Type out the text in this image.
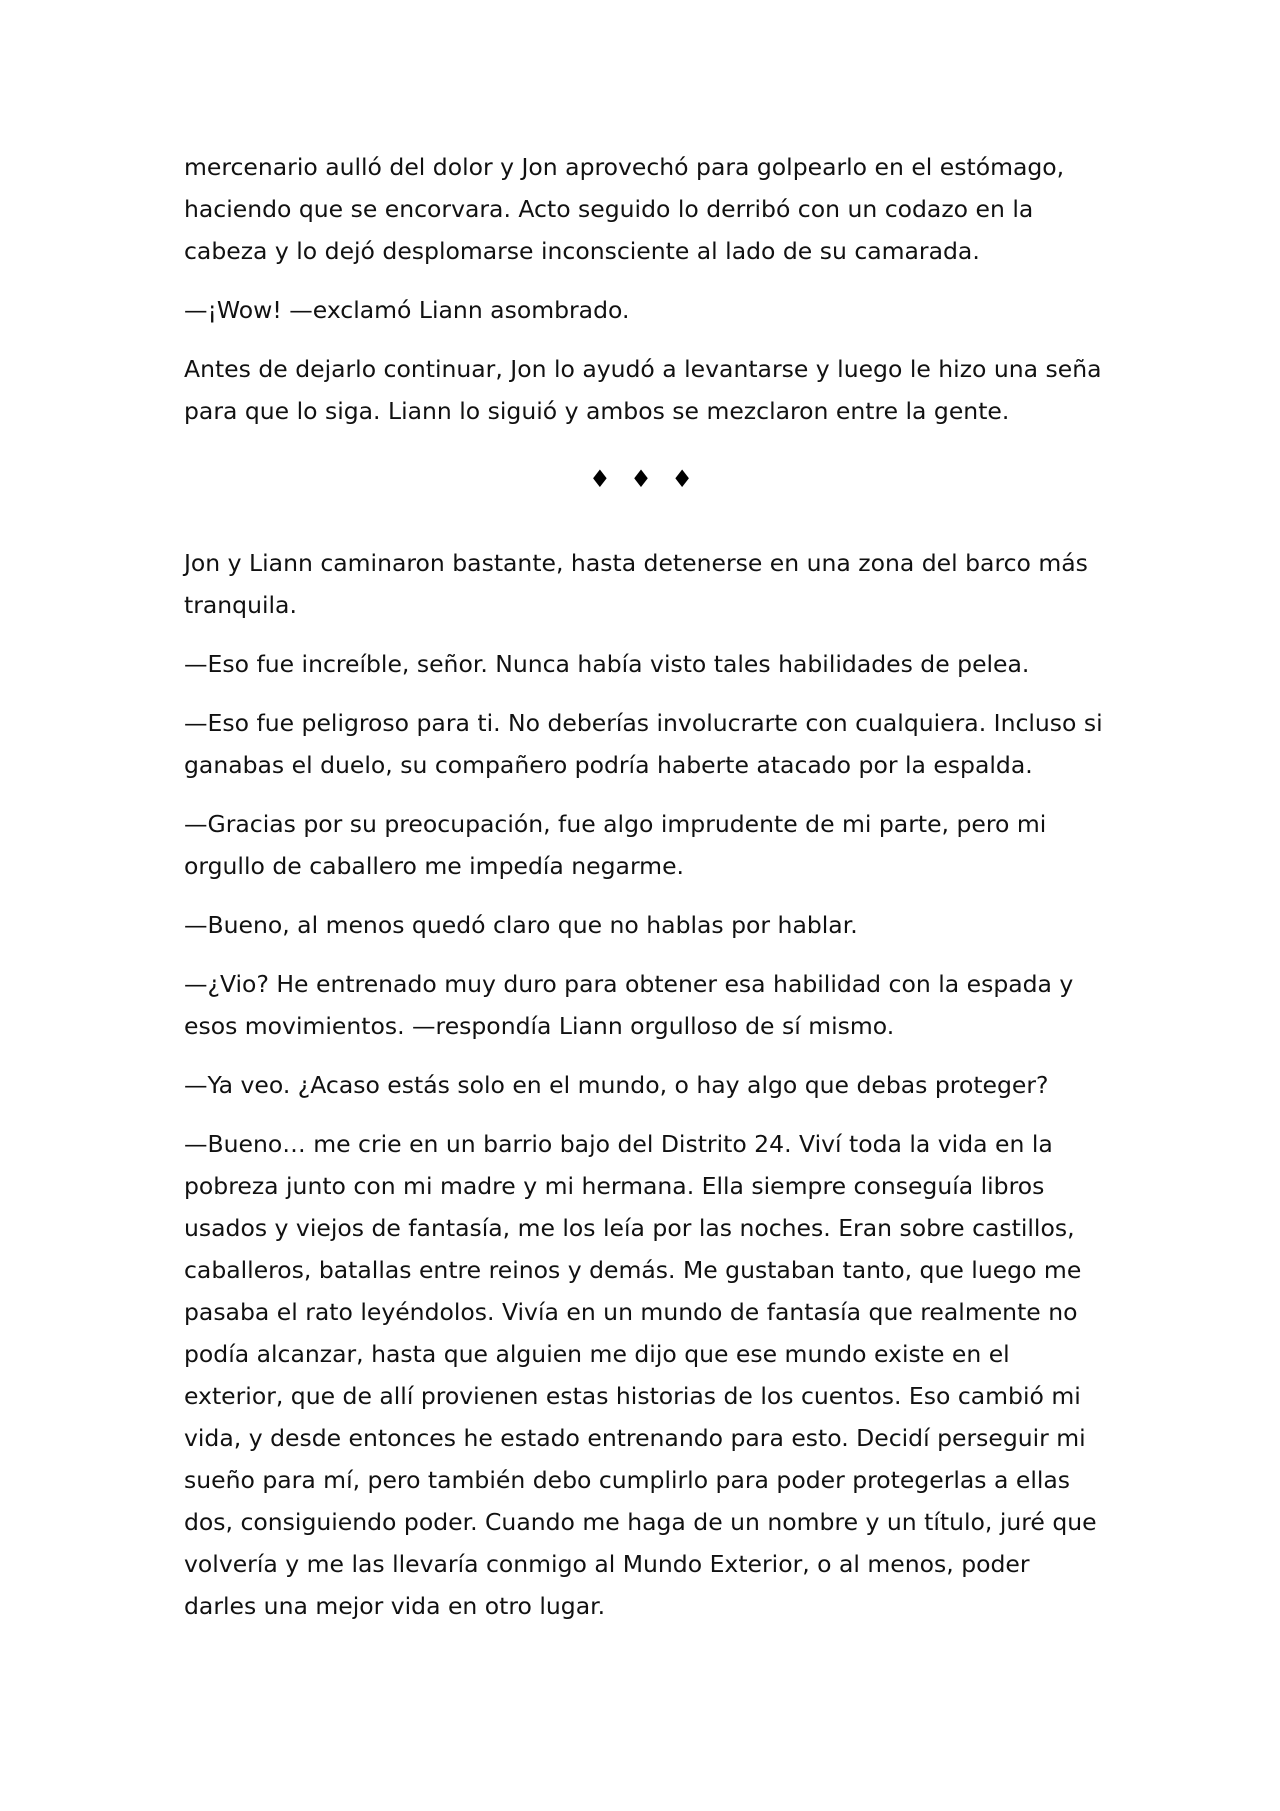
mercenario aulló del dolor y Jon aprovechó para golpearlo en el estómago, haciendo que se encorvara. Acto seguido lo derribó con un codazo en la cabeza y lo dejó desplomarse inconsciente al lado de su camarada.

—¡Wow! —exclamó Liann asombrado.

Antes de dejarlo continuar, Jon lo ayudó a levantarse y luego le hizo una seña para que lo siga. Liann lo siguió y ambos se mezclaron entre la gente.

♦ ♦ ♦

Jon y Liann caminaron bastante, hasta detenerse en una zona del barco más tranquila.

—Eso fue increíble, señor. Nunca había visto tales habilidades de pelea.

—Eso fue peligroso para ti. No deberías involucrarte con cualquiera. Incluso si ganabas el duelo, su compañero podría haberte atacado por la espalda.

—Gracias por su preocupación, fue algo imprudente de mi parte, pero mi orgullo de caballero me impedía negarme.

—Bueno, al menos quedó claro que no hablas por hablar.

—¿Vio? He entrenado muy duro para obtener esa habilidad con la espada y esos movimientos. —respondía Liann orgulloso de sí mismo.

—Ya veo. ¿Acaso estás solo en el mundo, o hay algo que debas proteger?

—Bueno… me crie en un barrio bajo del Distrito 24. Viví toda la vida en la pobreza junto con mi madre y mi hermana. Ella siempre conseguía libros usados y viejos de fantasía, me los leía por las noches. Eran sobre castillos, caballeros, batallas entre reinos y demás. Me gustaban tanto, que luego me pasaba el rato leyéndolos. Vivía en un mundo de fantasía que realmente no podía alcanzar, hasta que alguien me dijo que ese mundo existe en el exterior, que de allí provienen estas historias de los cuentos. Eso cambió mi vida, y desde entonces he estado entrenando para esto. Decidí perseguir mi sueño para mí, pero también debo cumplirlo para poder protegerlas a ellas dos, consiguiendo poder. Cuando me haga de un nombre y un título, juré que volvería y me las llevaría conmigo al Mundo Exterior, o al menos, poder darles una mejor vida en otro lugar.
